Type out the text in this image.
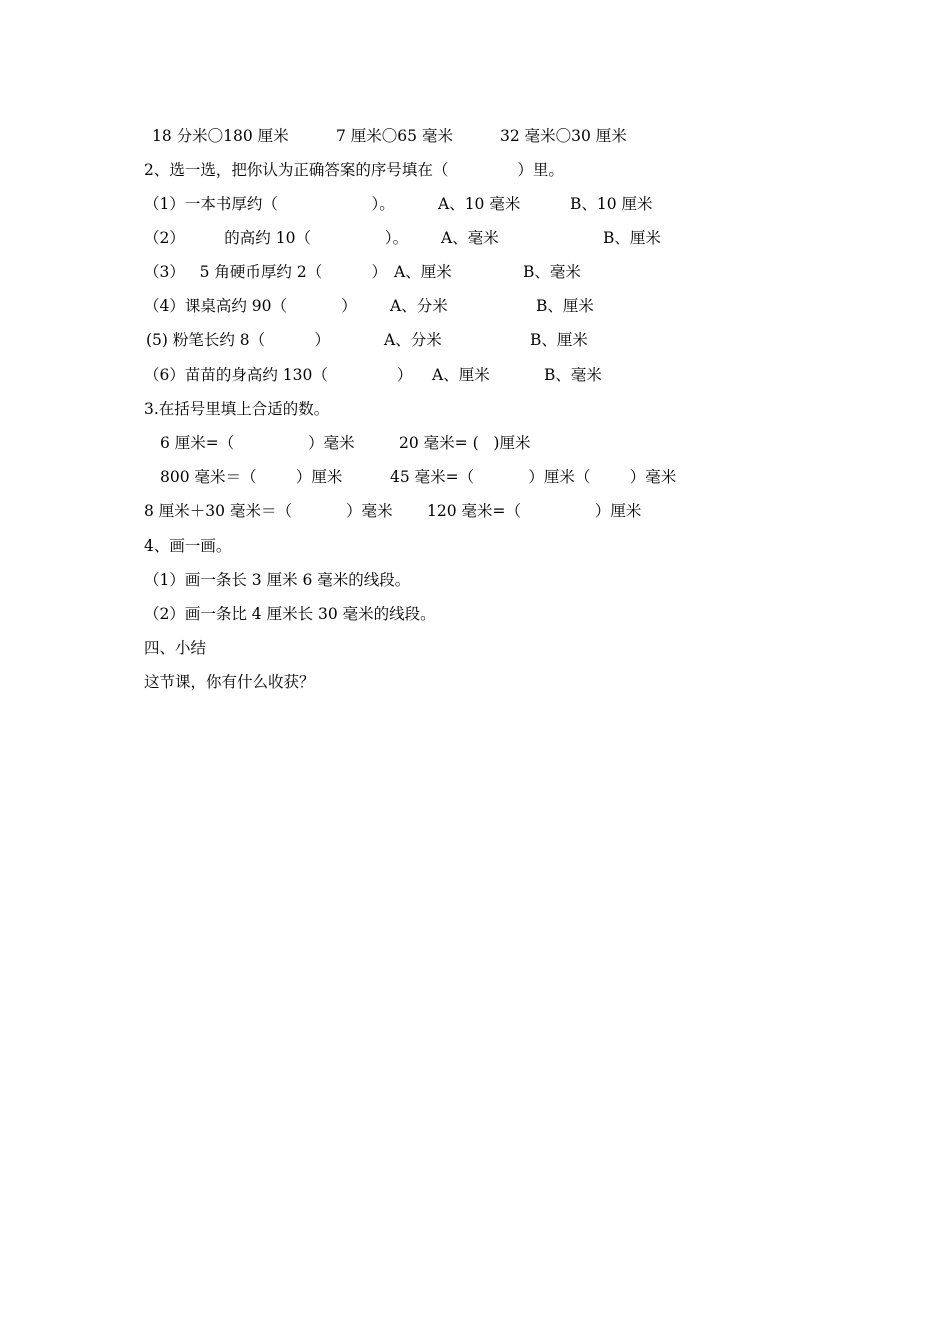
18 分米〇180 厘米

	7 厘米〇65 毫米

	32 毫米〇30 厘米

2、选一选，把你认为正确答案的序号填在（              ）里。

（1）一本书厚约（                   ）。

	A、10 毫米

	B、10 厘米

（2）        的高约 10（               ）。

A、毫米

	B、厘米

（3）   5 角硬币厚约 2（          ）

A、厘米

	B、毫米

（4）课桌高约 90（           ）

A、分米

	B、厘米

(5) 粉笔长约 8（          ）

	A、分米

	B、厘米

（6）苗苗的身高约 130（              ）

A、厘米

	B、毫米

3.在括号里填上合适的数。

6 厘米=（               ）毫米

	20 毫米= (   )厘米

800 毫米＝（        ）厘米

	45 毫米=（           ）厘米（        ）毫米

8 厘米＋30 毫米＝（           ）毫米

120 毫米=（               ）厘米

4、画一画。

（1）画一条长 3 厘米 6 毫米的线段。

（2）画一条比 4 厘米长 30 毫米的线段。

四、小结

这节课，你有什么收获？
